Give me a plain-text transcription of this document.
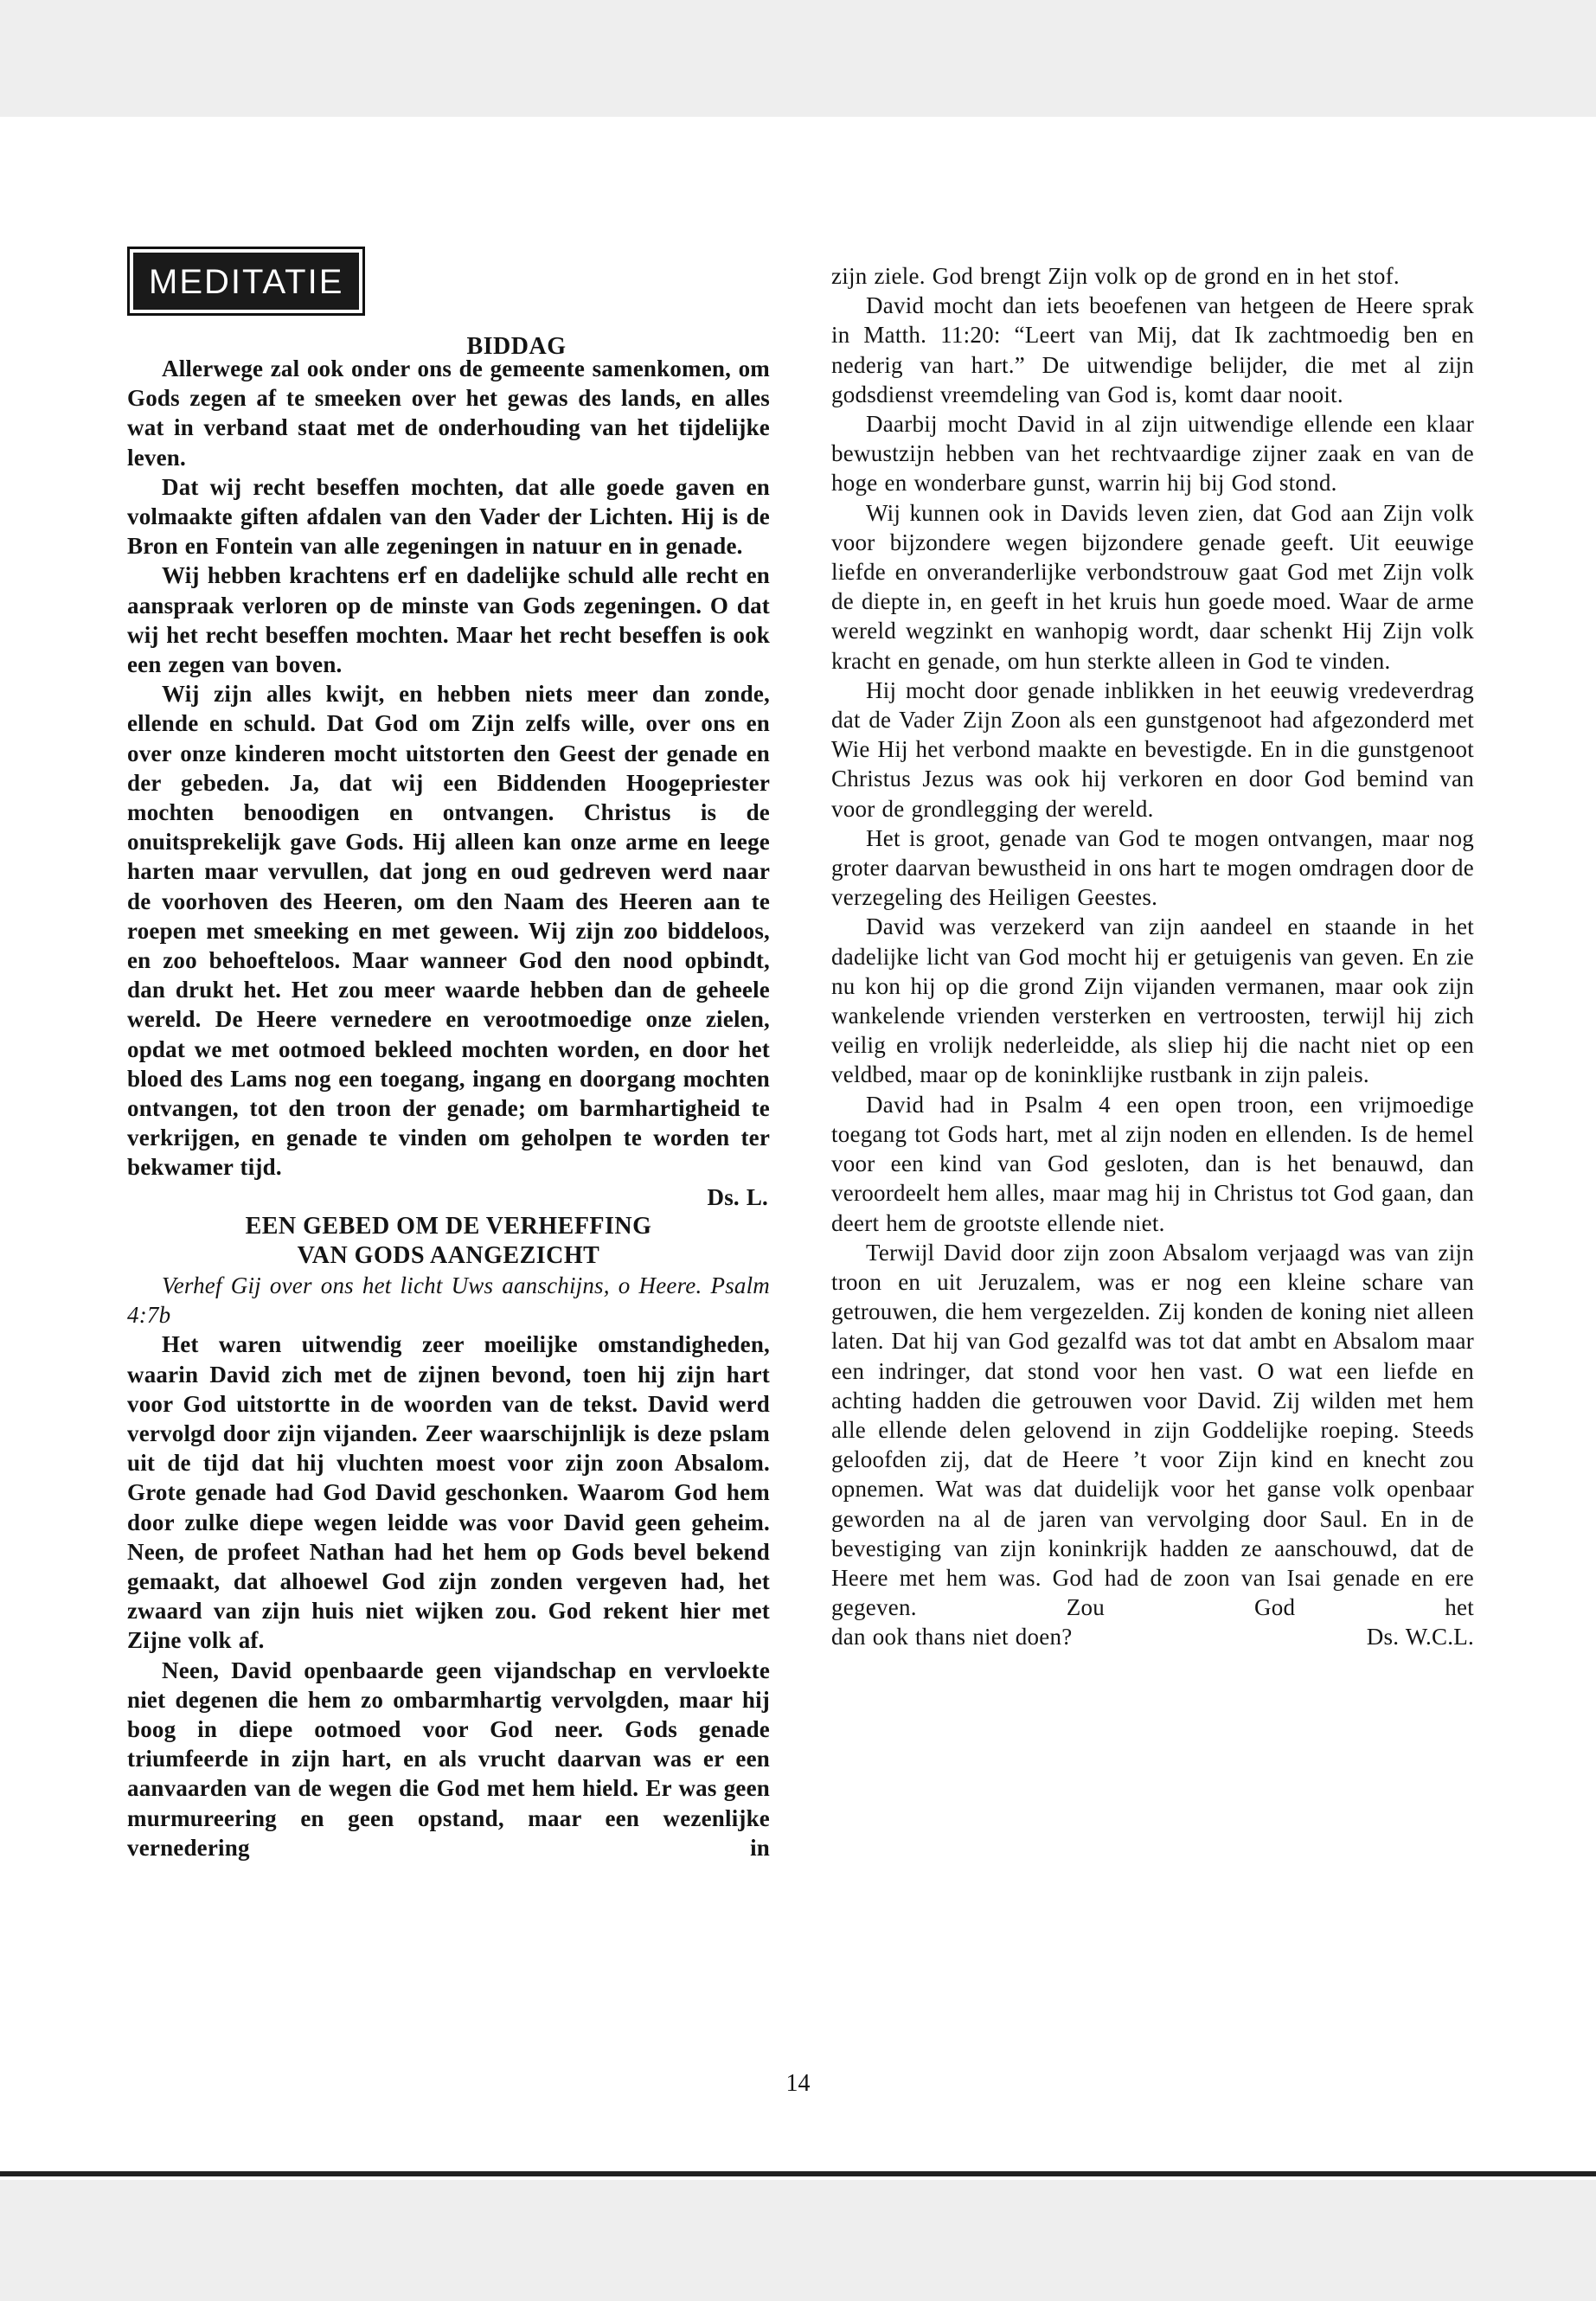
MEDITATIE
BIDDAG

Allerwege zal ook onder ons de gemeente samenkomen, om Gods zegen af te smeeken over het gewas des lands, en alles wat in verband staat met de onderhouding van het tijdelijke leven.

Dat wij recht beseffen mochten, dat alle goede gaven en volmaakte giften afdalen van den Vader der Lichten. Hij is de Bron en Fontein van alle zegeningen in natuur en in genade.

Wij hebben krachtens erf en dadelijke schuld alle recht en aanspraak verloren op de minste van Gods zegeningen. O dat wij het recht beseffen mochten. Maar het recht beseffen is ook een zegen van boven.

Wij zijn alles kwijt, en hebben niets meer dan zonde, ellende en schuld. Dat God om Zijn zelfs wille, over ons en over onze kinderen mocht uitstorten den Geest der genade en der gebeden. Ja, dat wij een Biddenden Hoogepriester mochten benoodigen en ontvangen. Christus is de onuitsprekelijk gave Gods. Hij alleen kan onze arme en leege harten maar vervullen, dat jong en oud gedreven werd naar de voorhoven des Heeren, om den Naam des Heeren aan te roepen met smeeking en met geween. Wij zijn zoo biddeloos, en zoo behoefteloos. Maar wanneer God den nood opbindt, dan drukt het. Het zou meer waarde hebben dan de geheele wereld. De Heere vernedere en verootmoedige onze zielen, opdat we met ootmoed bekleed mochten worden, en door het bloed des Lams nog een toegang, ingang en doorgang mochten ontvangen, tot den troon der genade; om barmhartigheid te verkrijgen, en genade te vinden om geholpen te worden ter bekwamer tijd.

Ds. L.

EEN GEBED OM DE VERHEFFING
VAN GODS AANGEZICHT

Verhef Gij over ons het licht Uws aanschijns, o Heere. Psalm 4:7b

Het waren uitwendig zeer moeilijke omstandigheden, waarin David zich met de zijnen bevond, toen hij zijn hart voor God uitstortte in de woorden van de tekst. David werd vervolgd door zijn vijanden. Zeer waarschijnlijk is deze pslam uit de tijd dat hij vluchten moest voor zijn zoon Absalom. Grote genade had God David geschonken. Waarom God hem door zulke diepe wegen leidde was voor David geen geheim. Neen, de profeet Nathan had het hem op Gods bevel bekend gemaakt, dat alhoewel God zijn zonden vergeven had, het zwaard van zijn huis niet wijken zou. God rekent hier met Zijne volk af.

Neen, David openbaarde geen vijandschap en vervloekte niet degenen die hem zo ombarmhartig vervolgden, maar hij boog in diepe ootmoed voor God neer. Gods genade triumfeerde in zijn hart, en als vrucht daarvan was er een aanvaarden van de wegen die God met hem hield. Er was geen murmureering en geen opstand, maar een wezenlijke vernedering in

zijn ziele. God brengt Zijn volk op de grond en in het stof.

David mocht dan iets beoefenen van hetgeen de Heere sprak in Matth. 11:20: “Leert van Mij, dat Ik zachtmoedig ben en nederig van hart.” De uitwendige belijder, die met al zijn godsdienst vreemdeling van God is, komt daar nooit.

Daarbij mocht David in al zijn uitwendige ellende een klaar bewustzijn hebben van het rechtvaardige zijner zaak en van de hoge en wonderbare gunst, warrin hij bij God stond.

Wij kunnen ook in Davids leven zien, dat God aan Zijn volk voor bijzondere wegen bijzondere genade geeft. Uit eeuwige liefde en onveranderlijke verbondstrouw gaat God met Zijn volk de diepte in, en geeft in het kruis hun goede moed. Waar de arme wereld wegzinkt en wanhopig wordt, daar schenkt Hij Zijn volk kracht en genade, om hun sterkte alleen in God te vinden.

Hij mocht door genade inblikken in het eeuwig vredeverdrag dat de Vader Zijn Zoon als een gunstgenoot had afgezonderd met Wie Hij het verbond maakte en bevestigde. En in die gunstgenoot Christus Jezus was ook hij verkoren en door God bemind van voor de grondlegging der wereld.

Het is groot, genade van God te mogen ontvangen, maar nog groter daarvan bewustheid in ons hart te mogen omdragen door de verzegeling des Heiligen Geestes.

David was verzekerd van zijn aandeel en staande in het dadelijke licht van God mocht hij er getuigenis van geven. En zie nu kon hij op die grond Zijn vijanden vermanen, maar ook zijn wankelende vrienden versterken en vertroosten, terwijl hij zich veilig en vrolijk nederleidde, als sliep hij die nacht niet op een veldbed, maar op de koninklijke rustbank in zijn paleis.

David had in Psalm 4 een open troon, een vrijmoedige toegang tot Gods hart, met al zijn noden en ellenden. Is de hemel voor een kind van God gesloten, dan is het benauwd, dan veroordeelt hem alles, maar mag hij in Christus tot God gaan, dan deert hem de grootste ellende niet.

Terwijl David door zijn zoon Absalom verjaagd was van zijn troon en uit Jeruzalem, was er nog een kleine schare van getrouwen, die hem vergezelden. Zij konden de koning niet alleen laten. Dat hij van God gezalfd was tot dat ambt en Absalom maar een indringer, dat stond voor hen vast. O wat een liefde en achting hadden die getrouwen voor David. Zij wilden met hem alle ellende delen gelovend in zijn Goddelijke roeping. Steeds geloofden zij, dat de Heere ’t voor Zijn kind en knecht zou opnemen. Wat was dat duidelijk voor het ganse volk openbaar geworden na al de jaren van vervolging door Saul. En in de bevestiging van zijn koninkrijk hadden ze aanschouwd, dat de Heere met hem was. God had de zoon van Isai genade en ere gegeven. Zou God het

dan ook thans niet doen?	Ds. W.C.L.

14
